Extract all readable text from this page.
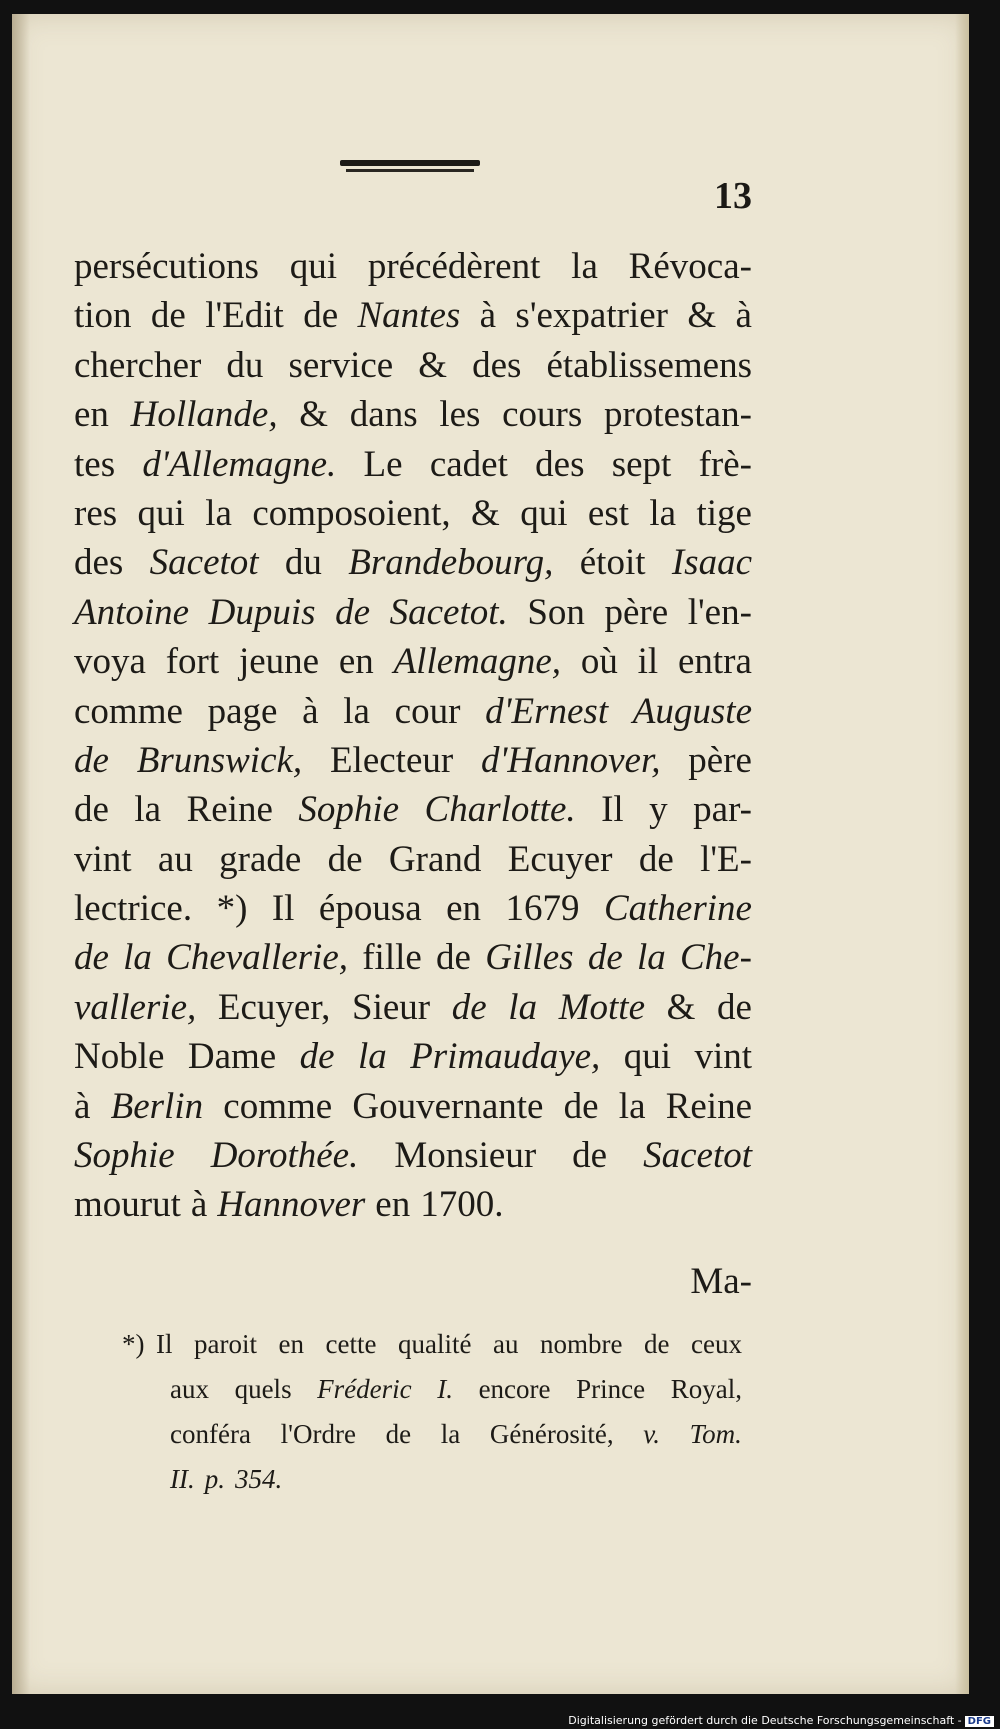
13
persécutions qui précédèrent la Révoca-
tion de l'Edit de Nantes à s'expatrier & à
chercher du service & des établissemens
en Hollande, & dans les cours protestan-
tes d'Allemagne. Le cadet des sept frè-
res qui la composoient, & qui est la tige
des Sacetot du Brandebourg, étoit Isaac
Antoine Dupuis de Sacetot. Son père l'en-
voya fort jeune en Allemagne, où il entra
comme page à la cour d'Ernest Auguste
de Brunswick, Electeur d'Hannover, père
de la Reine Sophie Charlotte. Il y par-
vint au grade de Grand Ecuyer de l'E-
lectrice. *) Il épousa en 1679 Catherine
de la Chevallerie, fille de Gilles de la Che-
vallerie, Ecuyer, Sieur de la Motte & de
Noble Dame de la Primaudaye, qui vint
à Berlin comme Gouvernante de la Reine
Sophie Dorothée. Monsieur de Sacetot
mourut à Hannover en 1700.
Ma-
*) Il paroit en cette qualité au nombre de ceux
aux quels Fréderic I. encore Prince Royal,
conféra l'Ordre de la Générosité, v. Tom.
II. p. 354.
Digitalisierung gefördert durch die Deutsche Forschungsgemeinschaft - DFG
